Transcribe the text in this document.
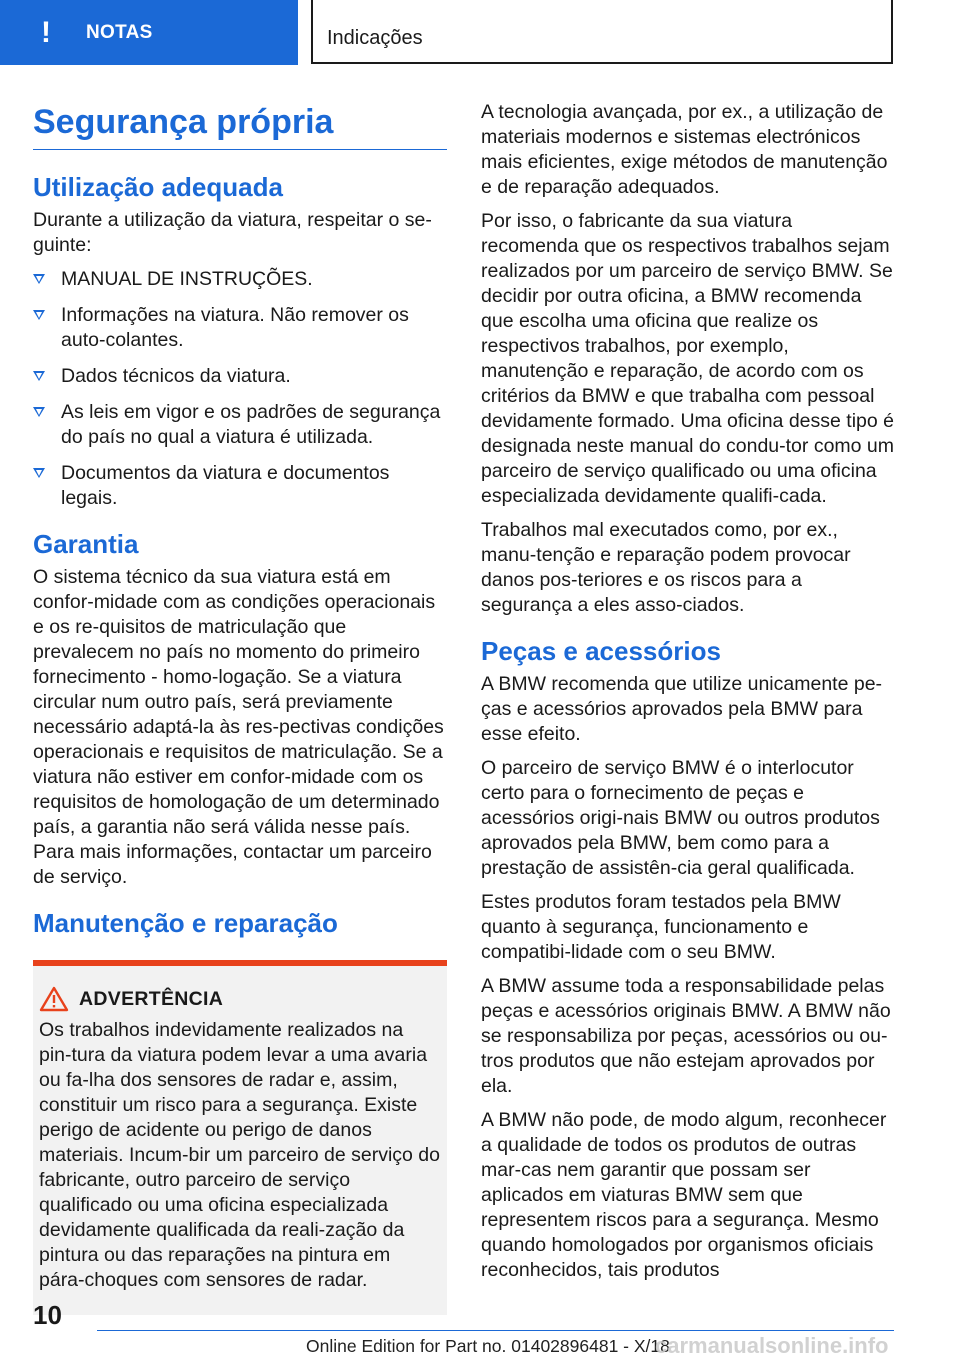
! NOTAS	Indicações
Segurança própria
Utilização adequada

Durante a utilização da viatura, respeitar o se-guinte:

MANUAL DE INSTRUÇÕES.
Informações na viatura. Não remover os auto-colantes.
Dados técnicos da viatura.
As leis em vigor e os padrões de segurança do país no qual a viatura é utilizada.
Documentos da viatura e documentos legais.
Garantia

O sistema técnico da sua viatura está em confor-midade com as condições operacionais e os re-quisitos de matriculação que prevalecem no país no momento do primeiro fornecimento - homo-logação. Se a viatura circular num outro país, será previamente necessário adaptá-la às res-pectivas condições operacionais e requisitos de matriculação. Se a viatura não estiver em confor-midade com os requisitos de homologação de um determinado país, a garantia não será válida nesse país. Para mais informações, contactar um parceiro de serviço.

Manutenção e reparação
ADVERTÊNCIA

Os trabalhos indevidamente realizados na pin-tura da viatura podem levar a uma avaria ou fa-lha dos sensores de radar e, assim, constituir um risco para a segurança. Existe perigo de acidente ou perigo de danos materiais. Incum-bir um parceiro de serviço do fabricante, outro parceiro de serviço qualificado ou uma oficina especializada devidamente qualificada da reali-zação da pintura ou das reparações na pintura em pára-choques com sensores de radar.

A tecnologia avançada, por ex., a utilização de materiais modernos e sistemas electrónicos mais eficientes, exige métodos de manutenção e de reparação adequados.

Por isso, o fabricante da sua viatura recomenda que os respectivos trabalhos sejam realizados por um parceiro de serviço BMW. Se decidir por outra oficina, a BMW recomenda que escolha uma oficina que realize os respectivos trabalhos, por exemplo, manutenção e reparação, de acordo com os critérios da BMW e que trabalha com pessoal devidamente formado. Uma oficina desse tipo é designada neste manual do condu-tor como um parceiro de serviço qualificado ou uma oficina especializada devidamente qualifi-cada.

Trabalhos mal executados como, por ex., manu-tenção e reparação podem provocar danos pos-teriores e os riscos para a segurança a eles asso-ciados.

Peças e acessórios

A BMW recomenda que utilize unicamente pe-ças e acessórios aprovados pela BMW para esse efeito.

O parceiro de serviço BMW é o interlocutor certo para o fornecimento de peças e acessórios origi-nais BMW ou outros produtos aprovados pela BMW, bem como para a prestação de assistên-cia geral qualificada.

Estes produtos foram testados pela BMW quanto à segurança, funcionamento e compatibi-lidade com o seu BMW.

A BMW assume toda a responsabilidade pelas peças e acessórios originais BMW. A BMW não se responsabiliza por peças, acessórios ou ou-tros produtos que não estejam aprovados por ela.

A BMW não pode, de modo algum, reconhecer a qualidade de todos os produtos de outras mar-cas nem garantir que possam ser aplicados em viaturas BMW sem que representem riscos para a segurança. Mesmo quando homologados por organismos oficiais reconhecidos, tais produtos

10
Online Edition for Part no. 01402896481 - X/18
carmanualsonline.info
